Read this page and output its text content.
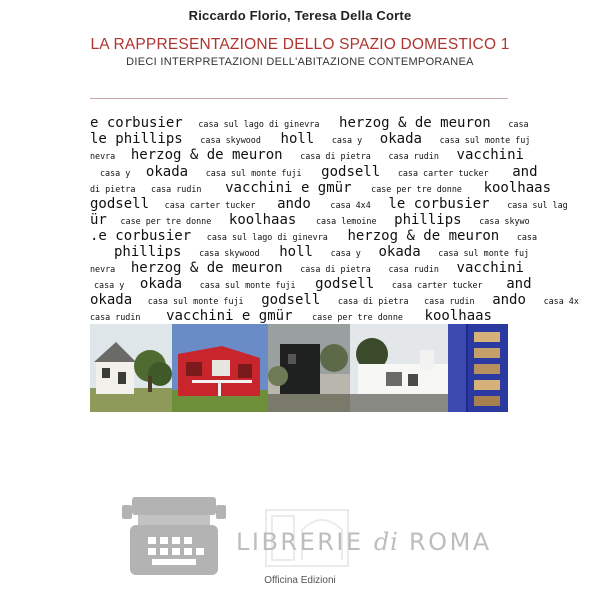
Riccardo Florio, Teresa Della Corte
LA RAPPRESENTAZIONE DELLO SPAZIO DOMESTICO 1
DIECI INTERPRETAZIONI DELL'ABITAZIONE CONTEMPORANEA
e corbusier casa sul lago di ginevra herzog & de meuron casa
le phillips casa skywood holl casa y okada casa sul monte fuj
nevra herzog & de meuron casa di pietra casa rudin vacchini
casa y okada casa sul monte fuji godsell casa carter tucker and
di pietra casa rudin vacchini e gmür case per tre donne koolhaas
godsell casa carter tucker ando casa 4x4 le corbusier casa sul lag
ür case per tre donne koolhaas casa lemoine phillips casa skywo
.e corbusier casa sul lago di ginevra herzog & de meuron casa
phillips casa skywood holl casa y okada casa sul monte fuj
nevra herzog & de meuron casa di pietra casa rudin vacchini
casa y okada casa sul monte fuji godsell casa carter tucker and
okada casa sul monte fuji godsell casa di pietra casa rudin ando casa 4x
casa rudin vacchini e gmür case per tre donne koolhaas
LIBRERIE di ROMA
Officina Edizioni
